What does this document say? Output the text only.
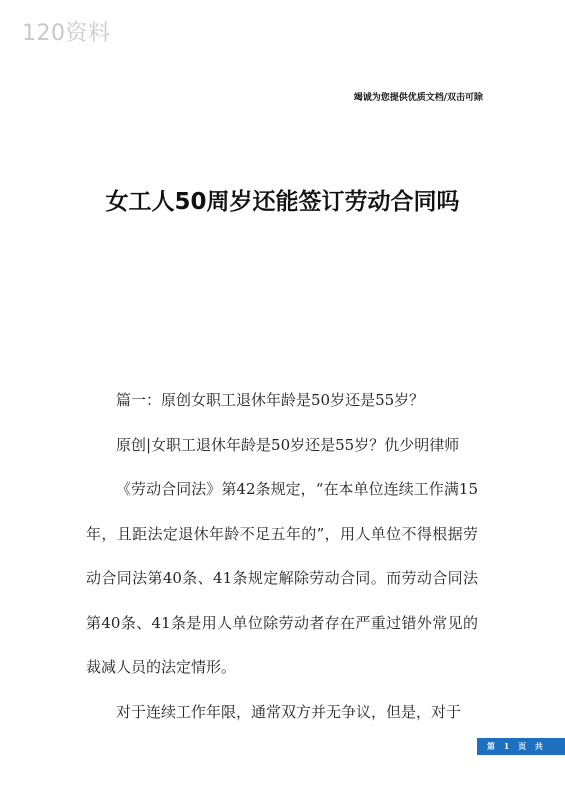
120资料
竭诚为您提供优质文档/双击可除
女工人50周岁还能签订劳动合同吗

篇一：原创女职工退休年龄是50岁还是55岁？

原创|女职工退休年龄是50岁还是55岁？仇少明律师

《劳动合同法》第42条规定，“在本单位连续工作满15年，且距法定退休年龄不足五年的”，用人单位不得根据劳动合同法第40条、41条规定解除劳动合同。而劳动合同法第40条、41条是用人单位除劳动者存在严重过错外常见的裁减人员的法定情形。

对于连续工作年限，通常双方并无争议，但是，对于

第 1 页 共
